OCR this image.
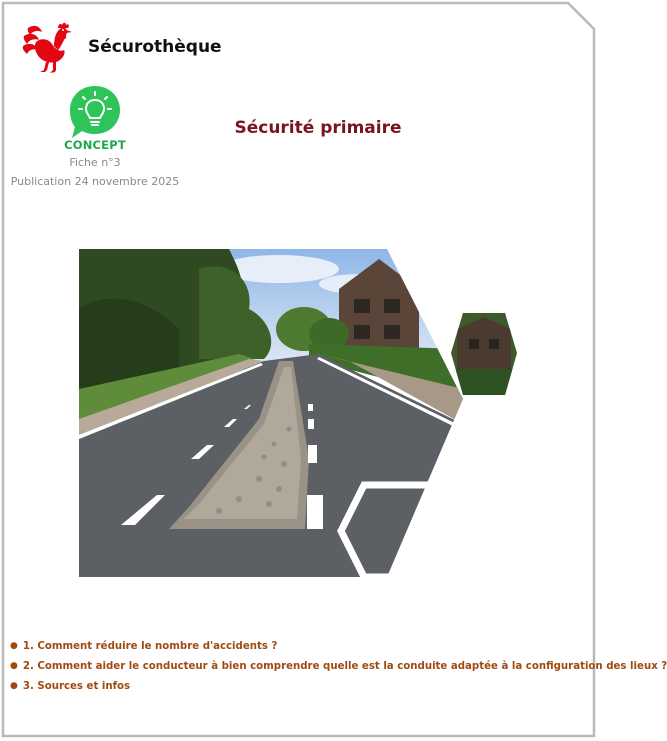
Sécurothèque
CONCEPT
Fiche n°3
Publication 24 novembre 2025
Sécurité primaire
● 1. Comment réduire le nombre d'accidents ?
● 2. Comment aider le conducteur à bien comprendre quelle est la conduite adaptée à la configuration des lieux ?
● 3. Sources et infos
